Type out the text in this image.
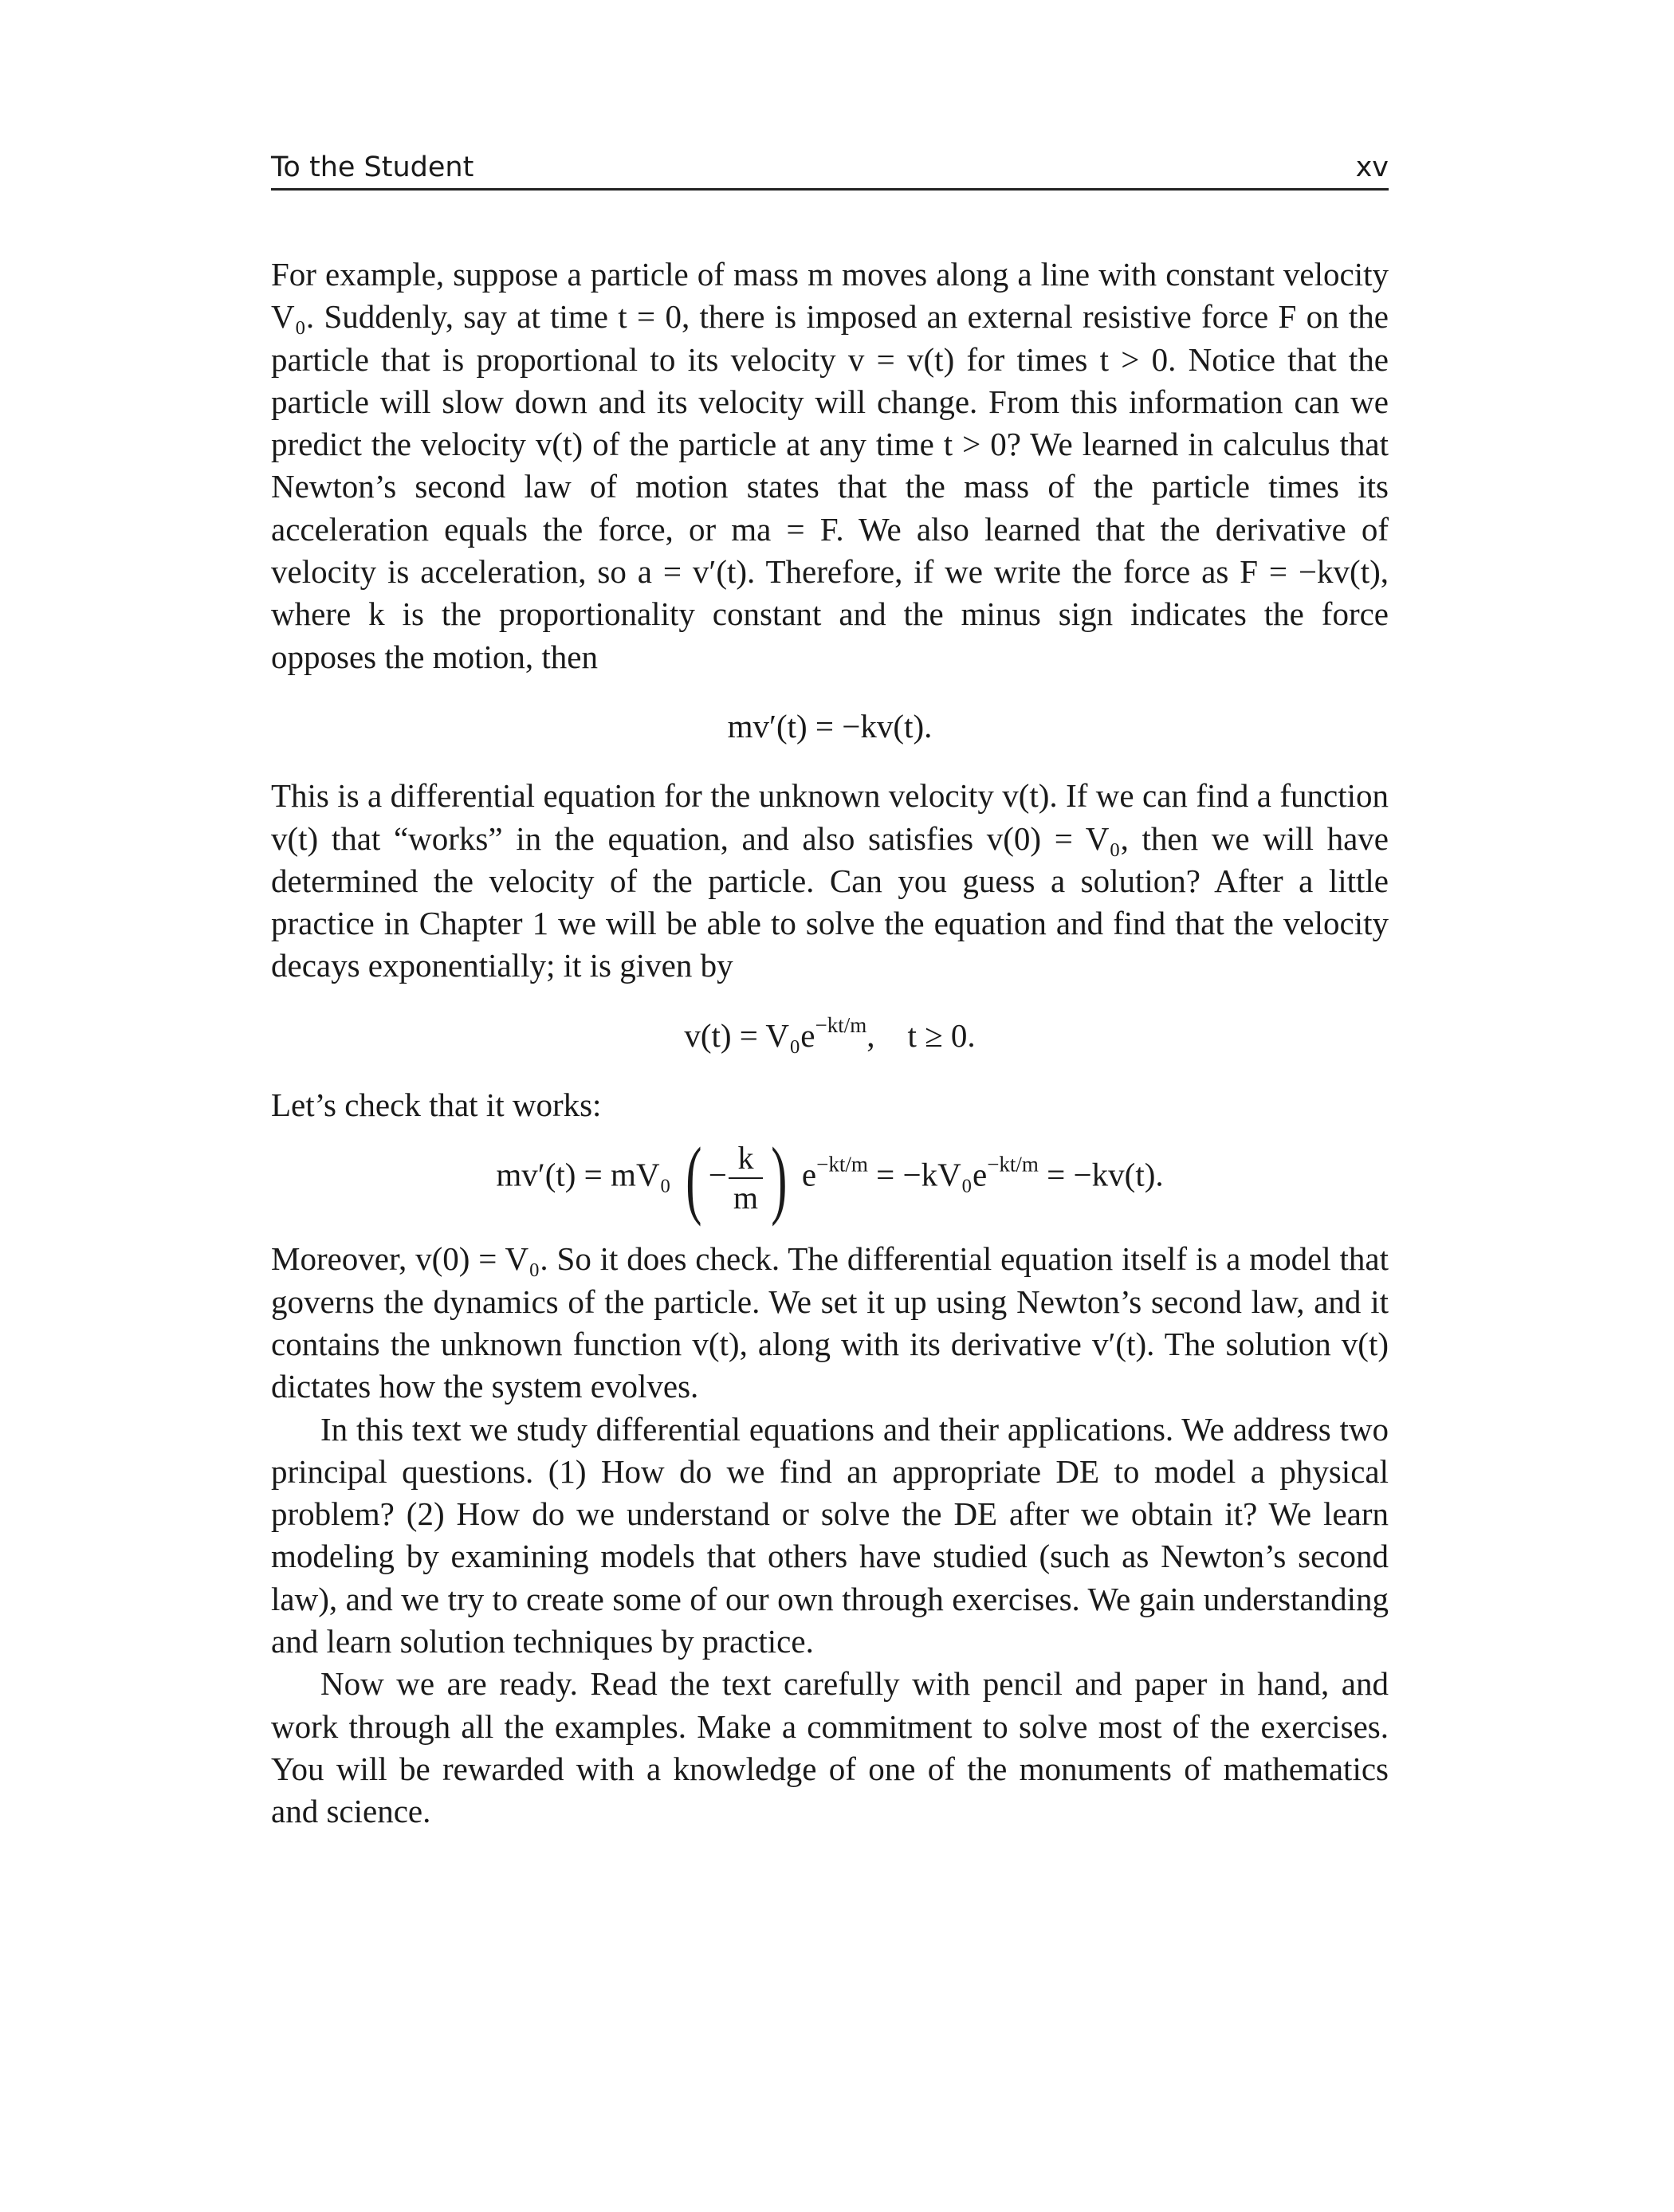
To the Student	xv

For example, suppose a particle of mass m moves along a line with constant velocity V₀. Suddenly, say at time t = 0, there is imposed an external resistive force F on the particle that is proportional to its velocity v = v(t) for times t > 0. Notice that the particle will slow down and its velocity will change. From this information can we predict the velocity v(t) of the particle at any time t > 0? We learned in calculus that Newton’s second law of motion states that the mass of the particle times its acceleration equals the force, or ma = F. We also learned that the derivative of velocity is acceleration, so a = v′(t). Therefore, if we write the force as F = −kv(t), where k is the proportionality constant and the minus sign indicates the force opposes the motion, then

mv′(t) = −kv(t).

This is a differential equation for the unknown velocity v(t). If we can find a function v(t) that “works” in the equation, and also satisfies v(0) = V₀, then we will have determined the velocity of the particle. Can you guess a solution? After a little practice in Chapter 1 we will be able to solve the equation and find that the velocity decays exponentially; it is given by

$v(t) = V_0e^{-kt/m}$,    t ≥ 0.

Let’s check that it works:

mv′(t) = mV₀ ( − $\frac{k}{m}$ ) $e^{-kt/m} = -kV_0e^{-kt/m} = -kv(t)$.

Moreover, v(0) = V₀. So it does check. The differential equation itself is a model that governs the dynamics of the particle. We set it up using Newton’s second law, and it contains the unknown function v(t), along with its derivative v′(t). The solution v(t) dictates how the system evolves.

In this text we study differential equations and their applications. We address two principal questions. (1) How do we find an appropriate DE to model a physical problem? (2) How do we understand or solve the DE after we obtain it? We learn modeling by examining models that others have studied (such as Newton’s second law), and we try to create some of our own through exercises. We gain understanding and learn solution techniques by practice.

Now we are ready. Read the text carefully with pencil and paper in hand, and work through all the examples. Make a commitment to solve most of the exercises. You will be rewarded with a knowledge of one of the monuments of mathematics and science.
